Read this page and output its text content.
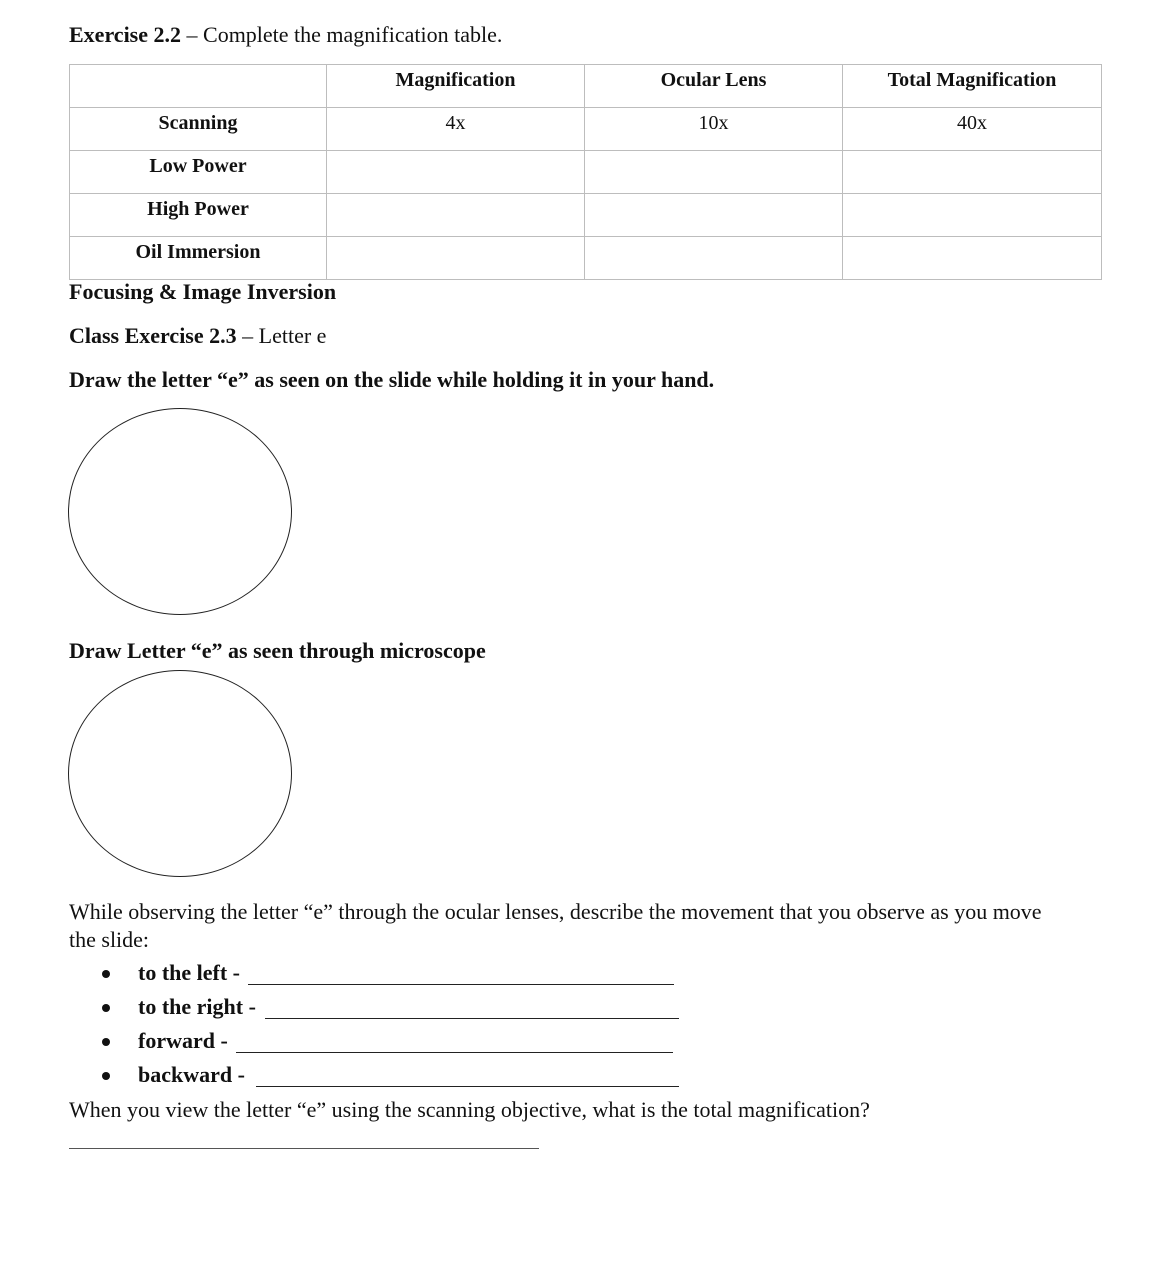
Exercise 2.2 – Complete the magnification table.
	Magnification	Ocular Lens	Total Magnification
Scanning	4x	10x	40x
Low Power			
High Power			
Oil Immersion			
Focusing & Image Inversion
Class Exercise 2.3 – Letter e
Draw the letter “e” as seen on the slide while holding it in your hand.
Draw Letter “e” as seen through microscope
While observing the letter “e” through the ocular lenses, describe the movement that you observe as you move
the slide:
to the left -
to the right -
forward -
backward -
When you view the letter “e” using the scanning objective, what is the total magnification?
